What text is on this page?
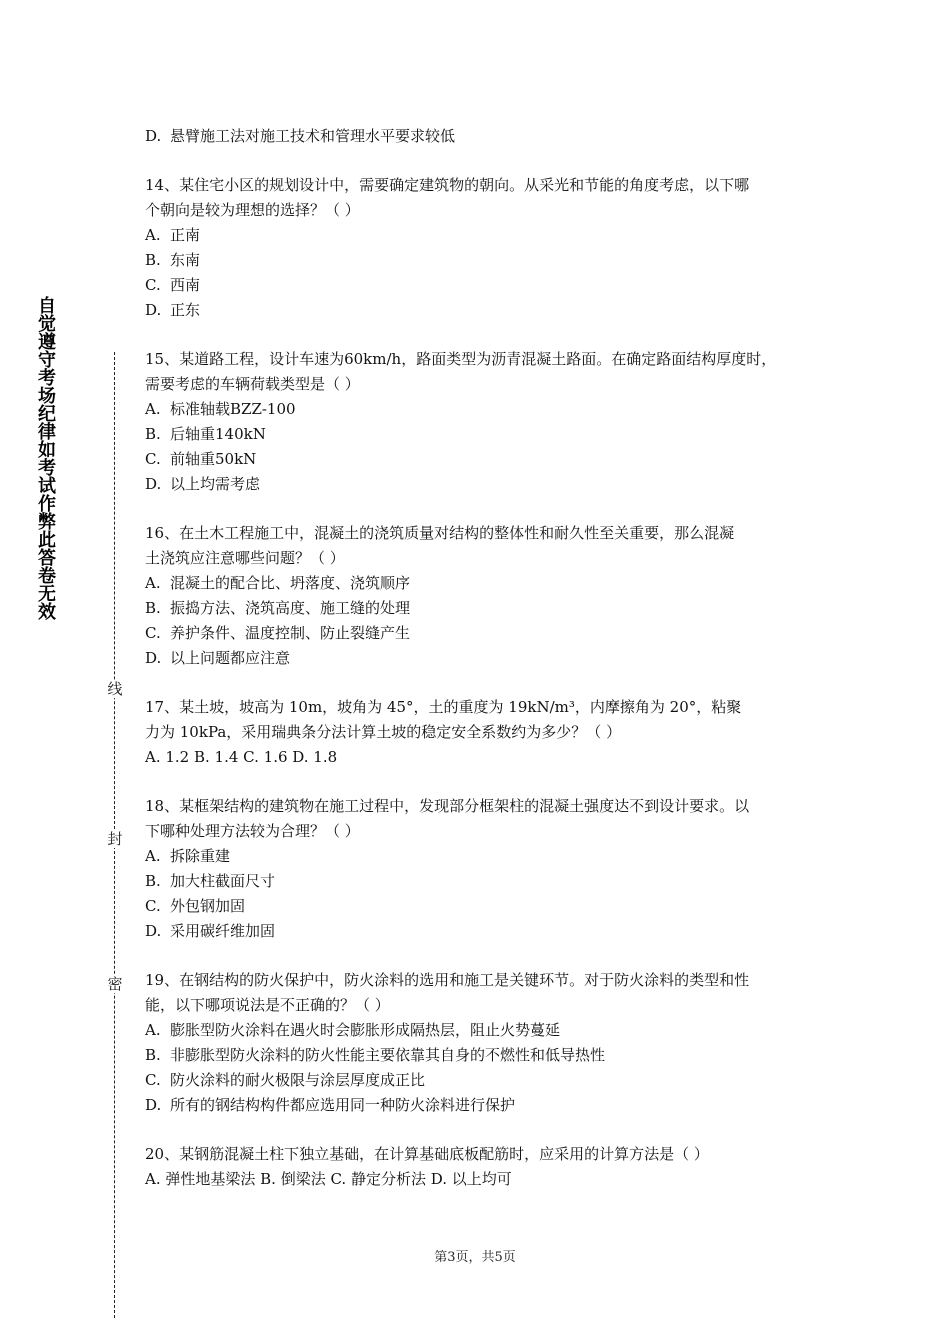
自觉遵守考场纪律如考试作弊此答卷无效
线
封
密
D. 悬臂施工法对施工技术和管理水平要求较低
14、某住宅小区的规划设计中，需要确定建筑物的朝向。从采光和节能的角度考虑，以下哪
个朝向是较为理想的选择？（ ）
A. 正南
B. 东南
C. 西南
D. 正东
15、某道路工程，设计车速为60km/h，路面类型为沥青混凝土路面。在确定路面结构厚度时，
需要考虑的车辆荷载类型是（ ）
A. 标准轴载BZZ-100
B. 后轴重140kN
C. 前轴重50kN
D. 以上均需考虑
16、在土木工程施工中，混凝土的浇筑质量对结构的整体性和耐久性至关重要，那么混凝
土浇筑应注意哪些问题？（ ）
A. 混凝土的配合比、坍落度、浇筑顺序
B. 振捣方法、浇筑高度、施工缝的处理
C. 养护条件、温度控制、防止裂缝产生
D. 以上问题都应注意
17、某土坡，坡高为 10m，坡角为 45°，土的重度为 19kN/m³，内摩擦角为 20°，粘聚
力为 10kPa，采用瑞典条分法计算土坡的稳定安全系数约为多少？（ ）
A. 1.2 B. 1.4 C. 1.6 D. 1.8
18、某框架结构的建筑物在施工过程中，发现部分框架柱的混凝土强度达不到设计要求。以
下哪种处理方法较为合理？（ ）
A. 拆除重建
B. 加大柱截面尺寸
C. 外包钢加固
D. 采用碳纤维加固
19、在钢结构的防火保护中，防火涂料的选用和施工是关键环节。对于防火涂料的类型和性
能，以下哪项说法是不正确的？（ ）
A. 膨胀型防火涂料在遇火时会膨胀形成隔热层，阻止火势蔓延
B. 非膨胀型防火涂料的防火性能主要依靠其自身的不燃性和低导热性
C. 防火涂料的耐火极限与涂层厚度成正比
D. 所有的钢结构构件都应选用同一种防火涂料进行保护
20、某钢筋混凝土柱下独立基础，在计算基础底板配筋时，应采用的计算方法是（ ）
A. 弹性地基梁法 B. 倒梁法 C. 静定分析法 D. 以上均可
第3页，共5页
